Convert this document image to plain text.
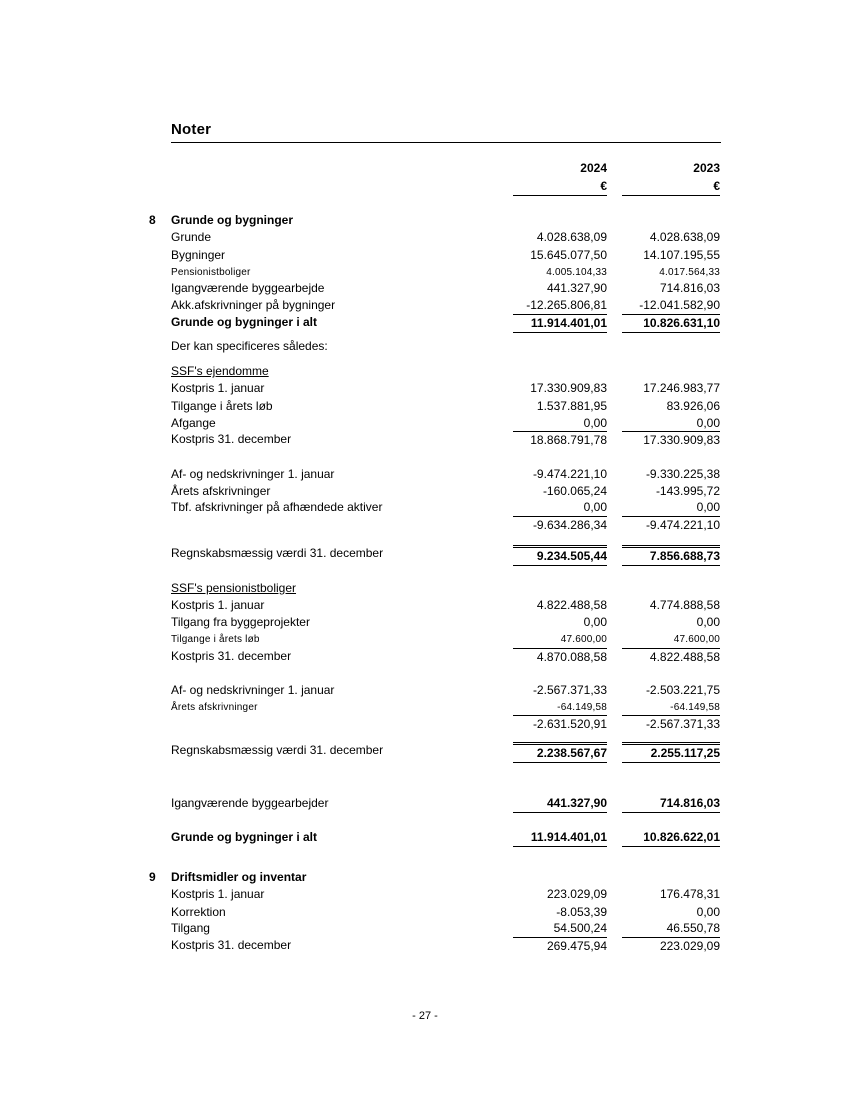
Noter
2024	2023
€	€
8 Grunde og bygninger
Grunde	4.028.638,09	4.028.638,09
Bygninger	15.645.077,50	14.107.195,55
Pensionistboliger	4.005.104,33	4.017.564,33
Igangværende byggearbejde	441.327,90	714.816,03
Akk.afskrivninger på bygninger	-12.265.806,81	-12.041.582,90
Grunde og bygninger i alt	11.914.401,01	10.826.631,10
Der kan specificeres således:
SSF's ejendomme
Kostpris 1. januar	17.330.909,83	17.246.983,77
Tilgange i årets løb	1.537.881,95	83.926,06
Afgange	0,00	0,00
Kostpris 31. december	18.868.791,78	17.330.909,83
Af- og nedskrivninger 1. januar	-9.474.221,10	-9.330.225,38
Årets afskrivninger	-160.065,24	-143.995,72
Tbf. afskrivninger på afhændede aktiver	0,00	0,00
-9.634.286,34	-9.474.221,10
Regnskabsmæssig værdi 31. december	9.234.505,44	7.856.688,73
SSF's pensionistboliger
Kostpris 1. januar	4.822.488,58	4.774.888,58
Tilgang fra byggeprojekter	0,00	0,00
Tilgange i årets løb	47.600,00	47.600,00
Kostpris 31. december	4.870.088,58	4.822.488,58
Af- og nedskrivninger 1. januar	-2.567.371,33	-2.503.221,75
Årets afskrivninger	-64.149,58	-64.149,58
-2.631.520,91	-2.567.371,33
Regnskabsmæssig værdi 31. december	2.238.567,67	2.255.117,25
Igangværende byggearbejder	441.327,90	714.816,03
Grunde og bygninger i alt	11.914.401,01	10.826.622,01
9 Driftsmidler og inventar
Kostpris 1. januar	223.029,09	176.478,31
Korrektion	-8.053,39	0,00
Tilgang	54.500,24	46.550,78
Kostpris 31. december	269.475,94	223.029,09
- 27 -
